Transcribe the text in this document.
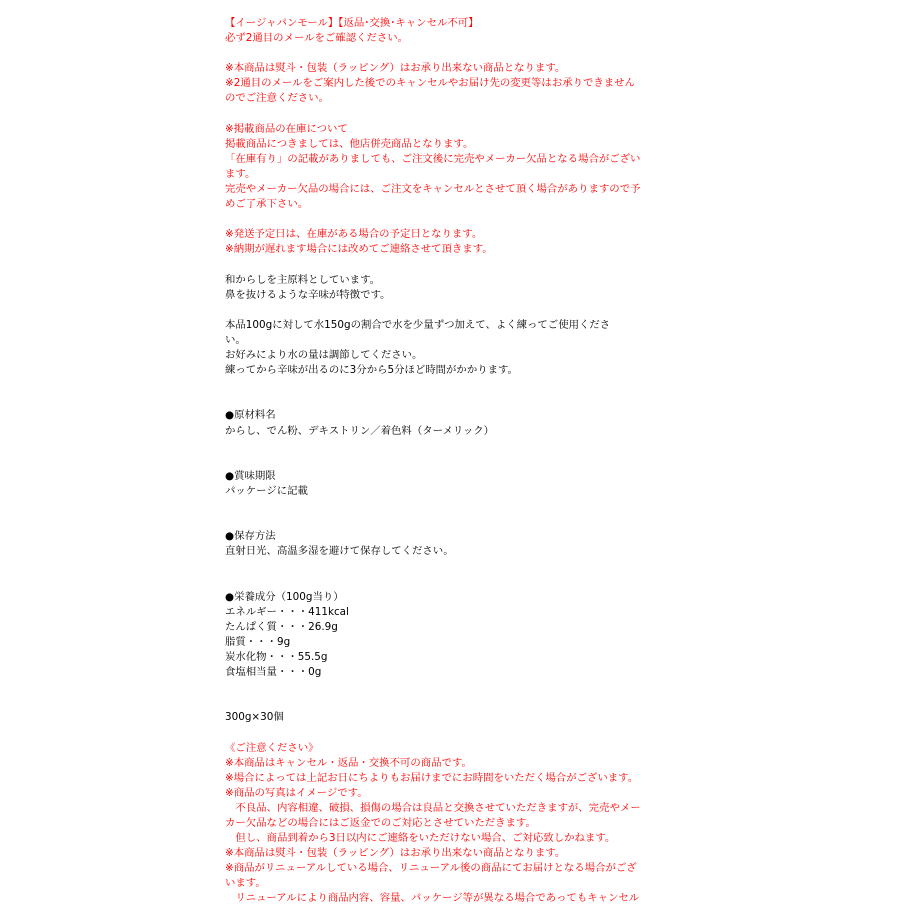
【イージャパンモール】【返品･交換･キャンセル不可】
必ず2通目のメールをご確認ください。
※本商品は熨斗・包装（ラッピング）はお承り出来ない商品となります。
※2通目のメールをご案内した後でのキャンセルやお届け先の変更等はお承りできません
のでご注意ください。
※掲載商品の在庫について
掲載商品につきましては、他店併売商品となります。
「在庫有り」の記載がありましても、ご注文後に完売やメーカー欠品となる場合がござい
ます。
完売やメーカー欠品の場合には、ご注文をキャンセルとさせて頂く場合がありますので予
めご了承下さい。
※発送予定日は、在庫がある場合の予定日となります。
※納期が遅れます場合には改めてご連絡させて頂きます。
和からしを主原料としています。
鼻を抜けるような辛味が特徴です。
本品100gに対して水150gの割合で水を少量ずつ加えて、よく練ってご使用くださ
い。
お好みにより水の量は調節してください。
練ってから辛味が出るのに3分から5分ほど時間がかかります。
●原材料名
からし、でん粉、デキストリン／着色料（ターメリック）
●賞味期限
パッケージに記載
●保存方法
直射日光、高温多湿を避けて保存してください。
●栄養成分（100g当り）
エネルギー・・・411kcal
たんぱく質・・・26.9g
脂質・・・9g
炭水化物・・・55.5g
食塩相当量・・・0g
300g×30個
《ご注意ください》
※本商品はキャンセル・返品・交換不可の商品です。
※場合によっては上記お日にちよりもお届けまでにお時間をいただく場合がございます。
※商品の写真はイメージです。
　不良品、内容相違、破損、損傷の場合は良品と交換させていただきますが、完売やメー
カー欠品などの場合にはご返金でのご対応とさせていただきます。
　但し、商品到着から3日以内にご連絡をいただけない場合、ご対応致しかねます。
※本商品は熨斗・包装（ラッピング）はお承り出来ない商品となります。
※商品がリニューアルしている場合、リニューアル後の商品にてお届けとなる場合がござ
います。
　リニューアルにより商品内容、容量、パッケージ等が異なる場合であってもキャンセル
